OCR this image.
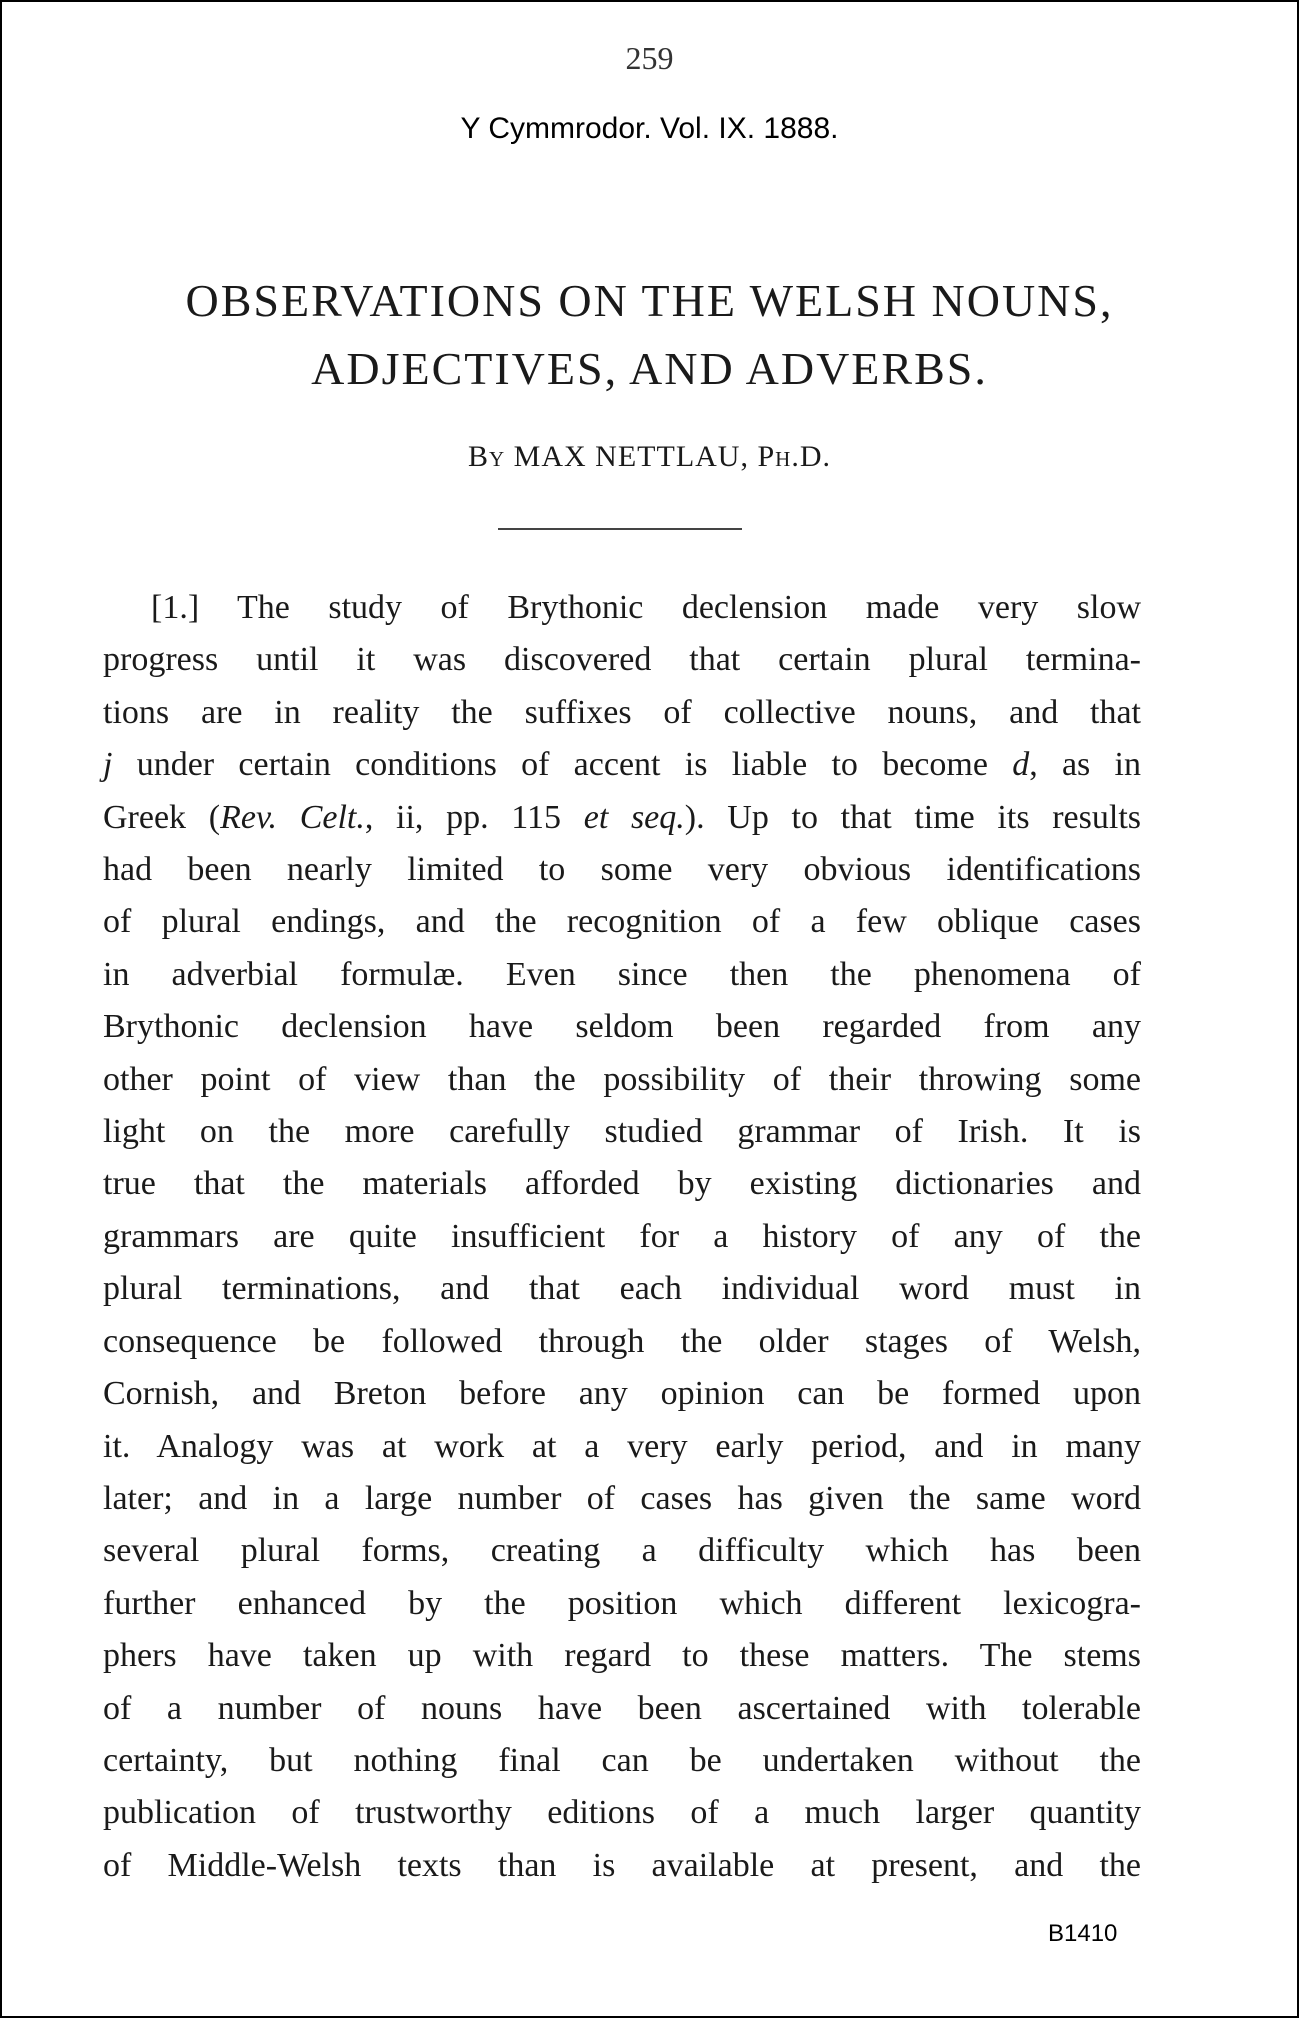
259
Y Cymmrodor. Vol. IX. 1888.
OBSERVATIONS ON THE WELSH NOUNS,
ADJECTIVES, AND ADVERBS.
By MAX NETTLAU, Ph.D.
[1.] The study of Brythonic declension made very slow
progress until it was discovered that certain plural termina-
tions are in reality the suffixes of collective nouns, and that
j under certain conditions of accent is liable to become d, as in
Greek (Rev. Celt., ii, pp. 115 et seq.). Up to that time its results
had been nearly limited to some very obvious identifications
of plural endings, and the recognition of a few oblique cases
in adverbial formulæ. Even since then the phenomena of
Brythonic declension have seldom been regarded from any
other point of view than the possibility of their throwing some
light on the more carefully studied grammar of Irish. It is
true that the materials afforded by existing dictionaries and
grammars are quite insufficient for a history of any of the
plural terminations, and that each individual word must in
consequence be followed through the older stages of Welsh,
Cornish, and Breton before any opinion can be formed upon
it. Analogy was at work at a very early period, and in many
later; and in a large number of cases has given the same word
several plural forms, creating a difficulty which has been
further enhanced by the position which different lexicogra-
phers have taken up with regard to these matters. The stems
of a number of nouns have been ascertained with tolerable
certainty, but nothing final can be undertaken without the
publication of trustworthy editions of a much larger quantity
of Middle-Welsh texts than is available at present, and the
B1410
